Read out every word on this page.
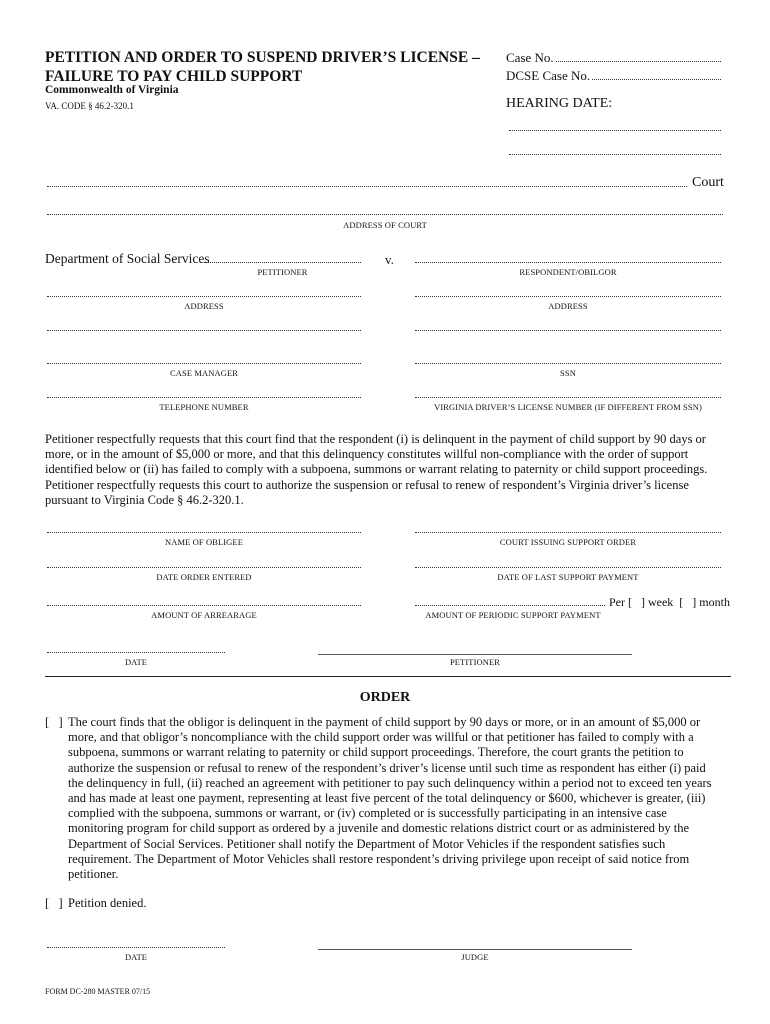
PETITION AND ORDER TO SUSPEND DRIVER’S LICENSE –
FAILURE TO PAY CHILD SUPPORT
Commonwealth of Virginia
VA. CODE § 46.2-320.1
Case No.
DCSE Case No.
HEARING DATE:
Court
ADDRESS OF COURT
Department of Social Services
PETITIONER
v.
RESPONDENT/OBILGOR
ADDRESS	ADDRESS
CASE MANAGER	SSN
TELEPHONE NUMBER	VIRGINIA DRIVER’S LICENSE NUMBER (IF DIFFERENT FROM SSN)
Petitioner respectfully requests that this court find that the respondent (i) is delinquent in the payment of child support by 90 days or
more, or in the amount of $5,000 or more, and that this delinquency constitutes willful non-compliance with the order of support
identified below or (ii) has failed to comply with a subpoena, summons or warrant relating to paternity or child support proceedings.
Petitioner respectfully requests this court to authorize the suspension or refusal to renew of respondent’s Virginia driver’s license
pursuant to Virginia Code § 46.2-320.1.
NAME OF OBLIGEE	COURT ISSUING SUPPORT ORDER
DATE ORDER ENTERED	DATE OF LAST SUPPORT PAYMENT
AMOUNT OF ARREARAGE	AMOUNT OF PERIODIC SUPPORT PAYMENT
Per [   ] week  [   ] month
DATE	PETITIONER
ORDER
[   ] The court finds that the obligor is delinquent in the payment of child support by 90 days or more, or in an amount of $5,000 or
more, and that obligor’s noncompliance with the child support order was willful or that petitioner has failed to comply with a
subpoena, summons or warrant relating to paternity or child support proceedings. Therefore, the court grants the petition to
authorize the suspension or refusal to renew of the respondent’s driver’s license until such time as respondent has either (i) paid
the delinquency in full, (ii) reached an agreement with petitioner to pay such delinquency within a period not to exceed ten years
and has made at least one payment, representing at least five percent of the total delinquency or $600, whichever is greater, (iii)
complied with the subpoena, summons or warrant, or (iv) completed or is successfully participating in an intensive case
monitoring program for child support as ordered by a juvenile and domestic relations district court or as administered by the
Department of Social Services. Petitioner shall notify the Department of Motor Vehicles if the respondent satisfies such
requirement. The Department of Motor Vehicles shall restore respondent’s driving privilege upon receipt of said notice from
petitioner.
[   ] Petition denied.
DATE	JUDGE
FORM DC-280 MASTER 07/15
